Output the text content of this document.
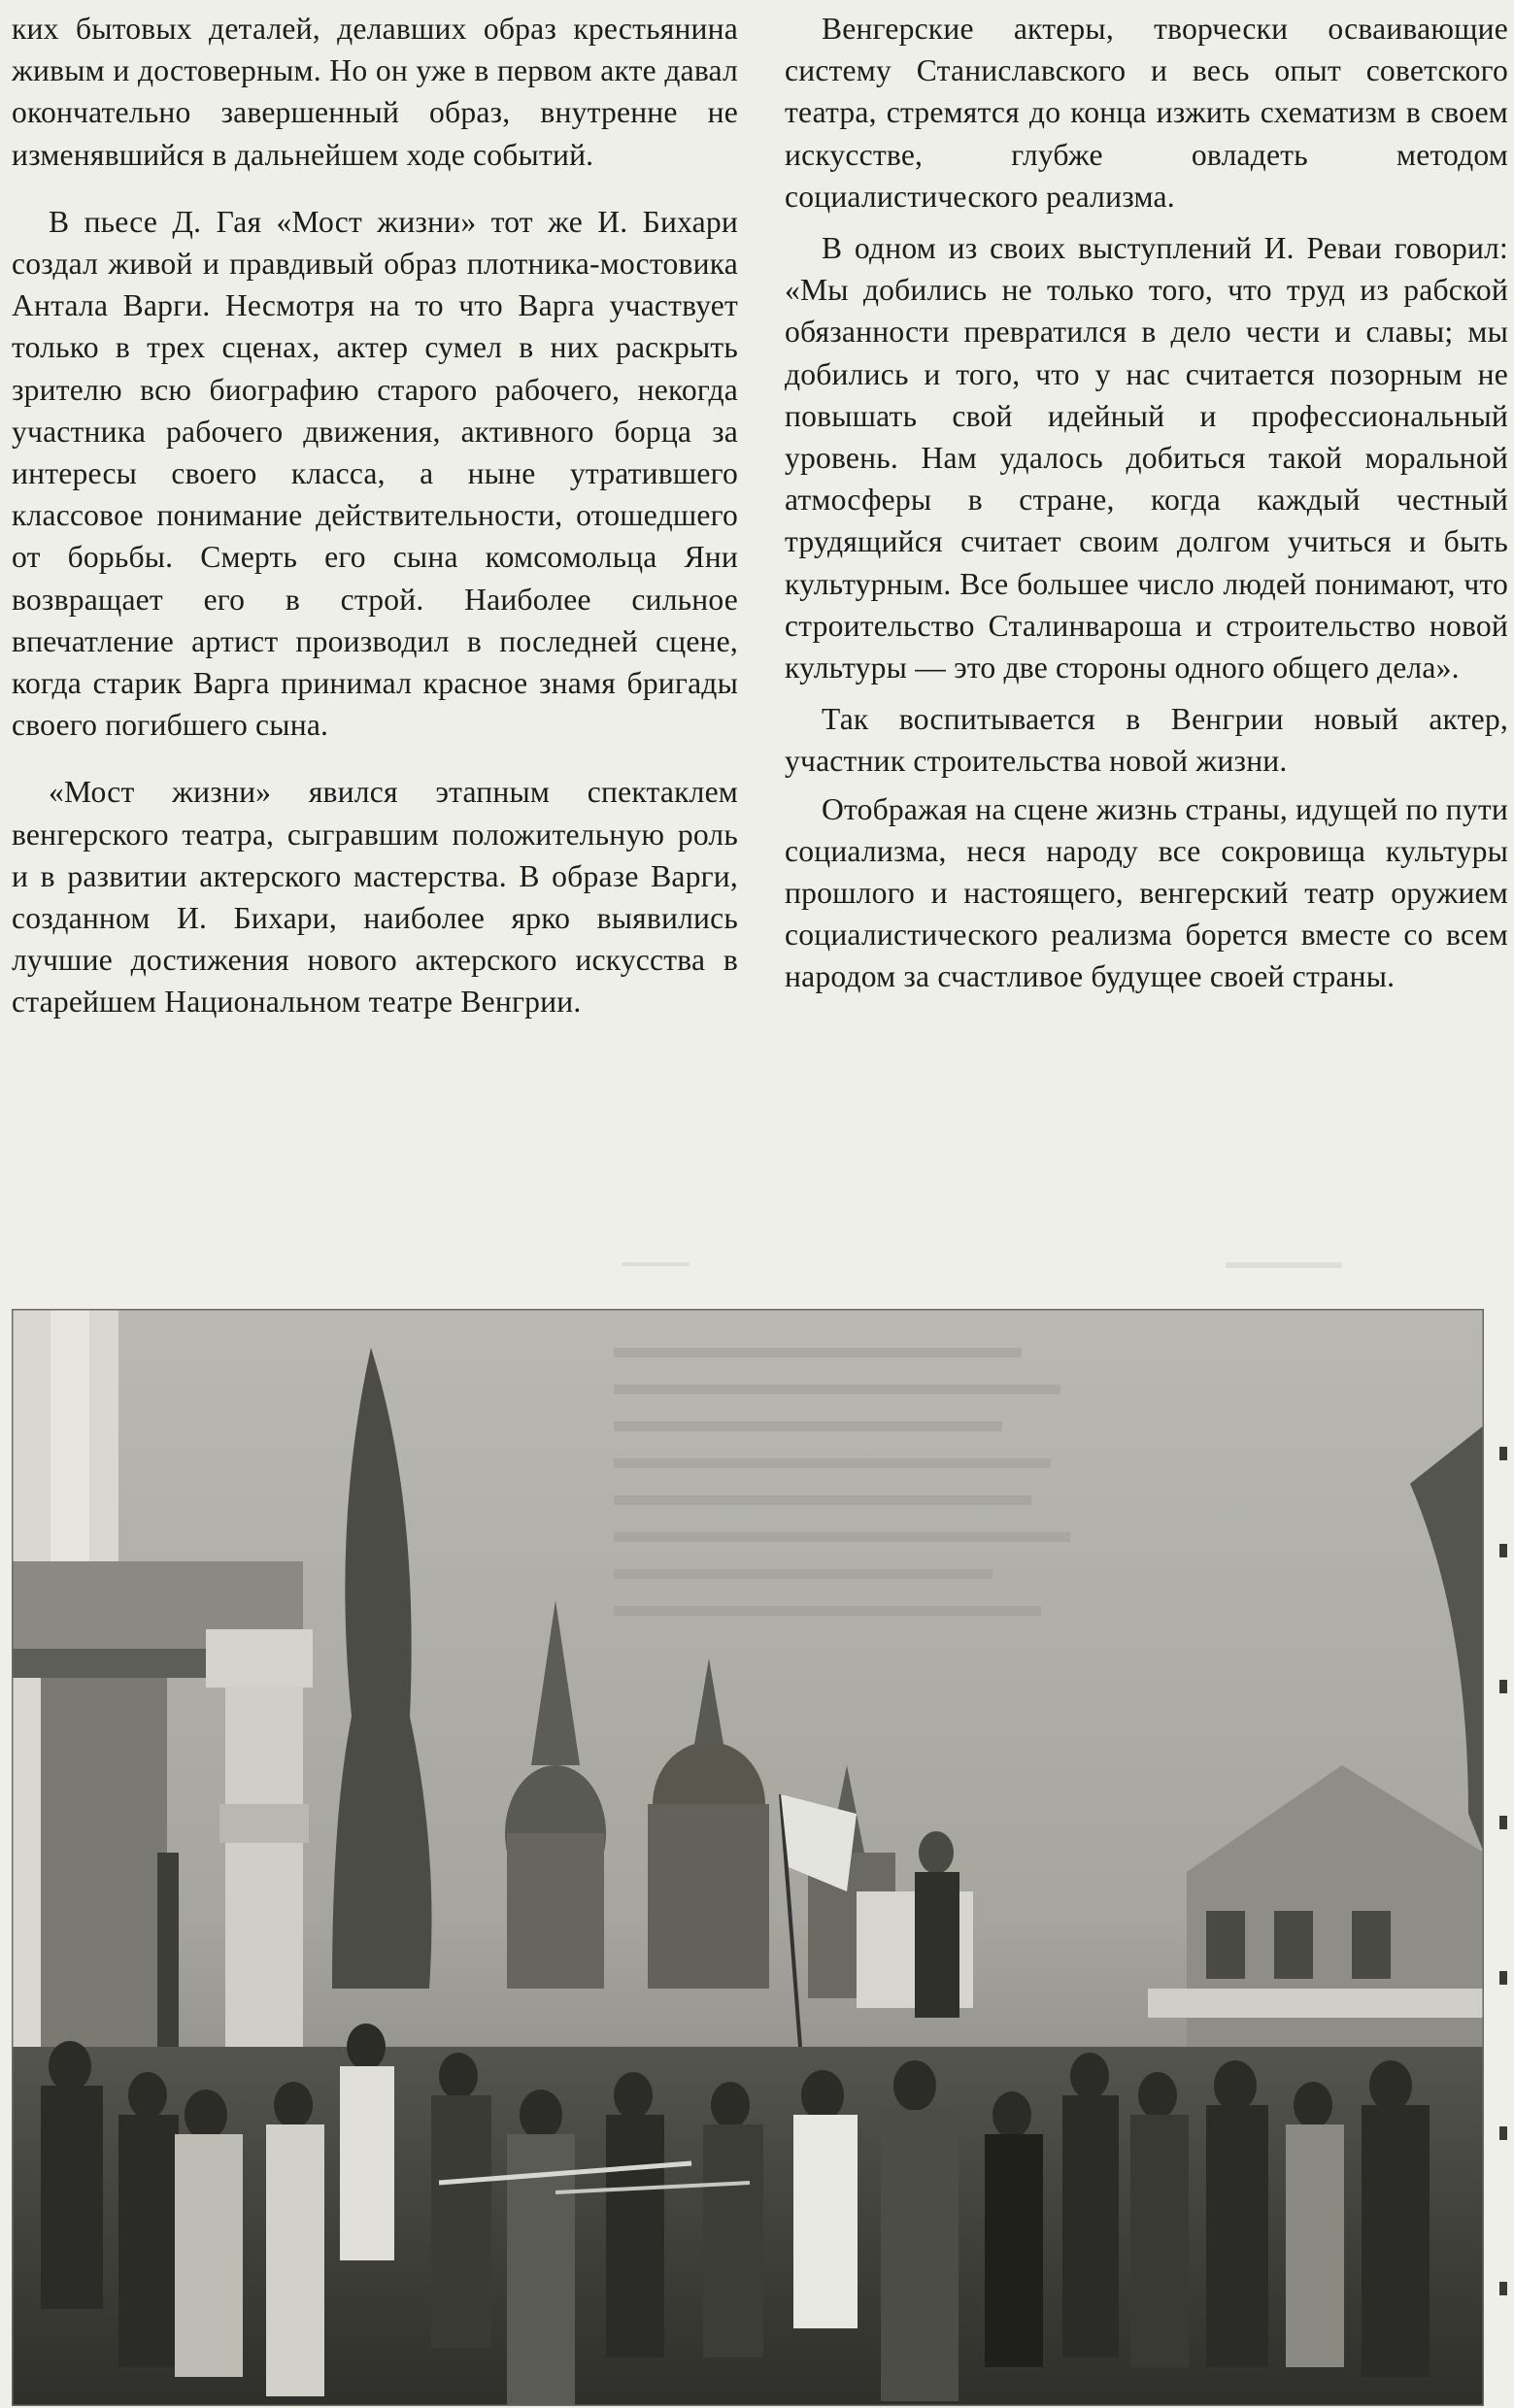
ких бытовых деталей, делавших образ крестьянина живым и достоверным. Но он уже в первом акте давал окончательно завершенный образ, внутренне не изменявшийся в дальнейшем ходе событий.

В пьесе Д. Гая «Мост жизни» тот же И. Бихари создал живой и правдивый образ плотника-мостовика Антала Варги. Несмотря на то что Варга участвует только в трех сценах, актер сумел в них раскрыть зрителю всю биографию старого рабочего, некогда участника рабочего движения, активного борца за интересы своего класса, а ныне утратившего классовое понимание действительности, отошедшего от борьбы. Смерть его сына комсомольца Яни возвращает его в строй. Наиболее сильное впечатление артист производил в последней сцене, когда старик Варга принимал красное знамя бригады своего погибшего сына.

«Мост жизни» явился этапным спектаклем венгерского театра, сыгравшим положительную роль и в развитии актерского мастерства. В образе Варги, созданном И. Бихари, наиболее ярко выявились лучшие достижения нового актерского искусства в старейшем Национальном театре Венгрии.

Венгерские актеры, творчески осваивающие систему Станиславского и весь опыт советского театра, стремятся до конца изжить схематизм в своем искусстве, глубже овладеть методом социалистического реализма.

В одном из своих выступлений И. Реваи говорил: «Мы добились не только того, что труд из рабской обязанности превратился в дело чести и славы; мы добились и того, что у нас считается позорным не повышать свой идейный и профессиональный уровень. Нам удалось добиться такой моральной атмосферы в стране, когда каждый честный трудящийся считает своим долгом учиться и быть культурным. Все большее число людей понимают, что строительство Сталинвароша и строительство новой культуры — это две стороны одного общего дела».

Так воспитывается в Венгрии новый актер, участник строительства новой жизни.

Отображая на сцене жизнь страны, идущей по пути социализма, неся народу все сокровища культуры прошлого и настоящего, венгерский театр оружием социалистического реализма борется вместе со всем народом за счастливое будущее своей страны.
